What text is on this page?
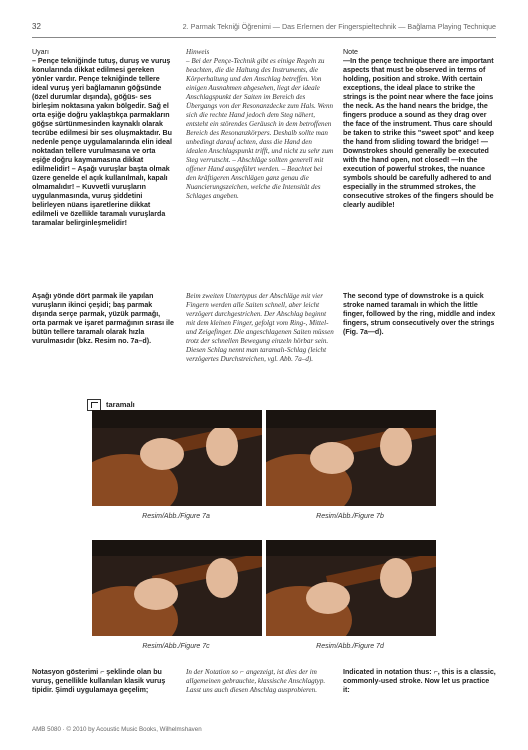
32	2. Parmak Tekniği Öğrenimi — Das Erlernen der Fingerspieltechnik — Bağlama Playing Technique
Uyarı
– Pençe tekniğinde tutuş, duruş ve vuruş konularında dikkat edilmesi gereken yönler vardır. Pençe tekniğinde tellere ideal vuruş yeri bağlamanın göğsünde (özel durumlar dışında), göğüs- ses birleşim noktasına yakın bölgedir. Sağ el orta eşiğe doğru yaklaştıkça parmakların göğse sürtünmesinden kaynaklı olarak tecrübe edilmesi bir ses oluşmaktadır. Bu nedenle pençe uygulamalarında elin ideal noktadan tellere vurulmasına ve orta eşiğe doğru kaymamasına dikkat edilmelidir! – Aşağı vuruşlar başta olmak üzere genelde el açık kullanılmalı, kapalı olmamalıdır! – Kuvvetli vuruşların uygulanmasında, vuruş şiddetini belirleyen nüans işaretlerine dikkat edilmeli ve özellikle taramalı vuruşlarda taramalar belirginleşmelidir!
Hinweis
– Bei der Pençe-Technik gibt es einige Regeln zu beachten, die die Haltung des Instruments, die Körperhaltung und den Anschlag betreffen. Von einigen Ausnahmen abgesehen, liegt der ideale Anschlagspunkt der Saiten im Bereich des Übergangs von der Resonanzdecke zum Hals. Wenn sich die rechte Hand jedoch dem Steg nähert, entsteht ein störendes Geräusch in dem betroffenen Bereich des Resonanzkörpers. Deshalb sollte man unbedingt darauf achten, dass die Hand den idealen Anschlagspunkt trifft, und nicht zu sehr zum Steg verrutscht. – Abschläge sollten generell mit offener Hand ausgeführt werden. – Beachtet bei den kräftigeren Anschlägen ganz genau die Nuancierungszeichen, welche die Intensität des Schlages angeben.
Note
—In the pençe technique there are important aspects that must be observed in terms of holding, position and stroke. With certain exceptions, the ideal place to strike the strings is the point near where the face joins the neck. As the hand nears the bridge, the fingers produce a sound as they drag over the face of the instrument. Thus care should be taken to strike this "sweet spot" and keep the hand from sliding toward the bridge! —Downstrokes should generally be executed with the hand open, not closed! —In the execution of powerful strokes, the nuance symbols should be carefully adhered to and especially in the strummed strokes, the consecutive strokes of the fingers should be clearly audible!
Aşağı yönde dört parmak ile yapılan vuruşların ikinci çeşidi; baş parmak dışında serçe parmak, yüzük parmağı, orta parmak ve işaret parmağının sırası ile bütün tellere taramalı olarak hızla vurulmasıdır (bkz. Resim no. 7a–d).
Beim zweiten Untertypus der Abschläge mit vier Fingern werden alle Saiten schnell, aber leicht verzögert durchgestrichen. Der Abschlag beginnt mit dem kleinen Finger, gefolgt vom Ring-, Mittel- und Zeigefinger. Die angeschlagenen Saiten müssen trotz der schnellen Bewegung einzeln hörbar sein. Diesen Schlag nennt man taramalı-Schlag (leicht verzögertes Durchstreichen, vgl. Abb. 7a–d).
The second type of downstroke is a quick stroke named taramalı in which the little finger, followed by the ring, middle and index fingers, strum consecutively over the strings (Fig. 7a—d).
taramalı
Resim/Abb./Figure 7a	Resim/Abb./Figure 7b
Resim/Abb./Figure 7c	Resim/Abb./Figure 7d
Notasyon gösterimi ⌐ şeklinde olan bu vuruş, genellikle kullanılan klasik vuruş tipidir. Şimdi uygulamaya geçelim;
In der Notation so ⌐ angezeigt, ist dies der im allgemeinen gebrauchte, klassische Anschlagtyp. Lasst uns auch diesen Abschlag ausprobieren.
Indicated in notation thus: ⌐, this is a classic, commonly-used stroke. Now let us practice it:
AMB 5080 · © 2010 by Acoustic Music Books, Wilhelmshaven
